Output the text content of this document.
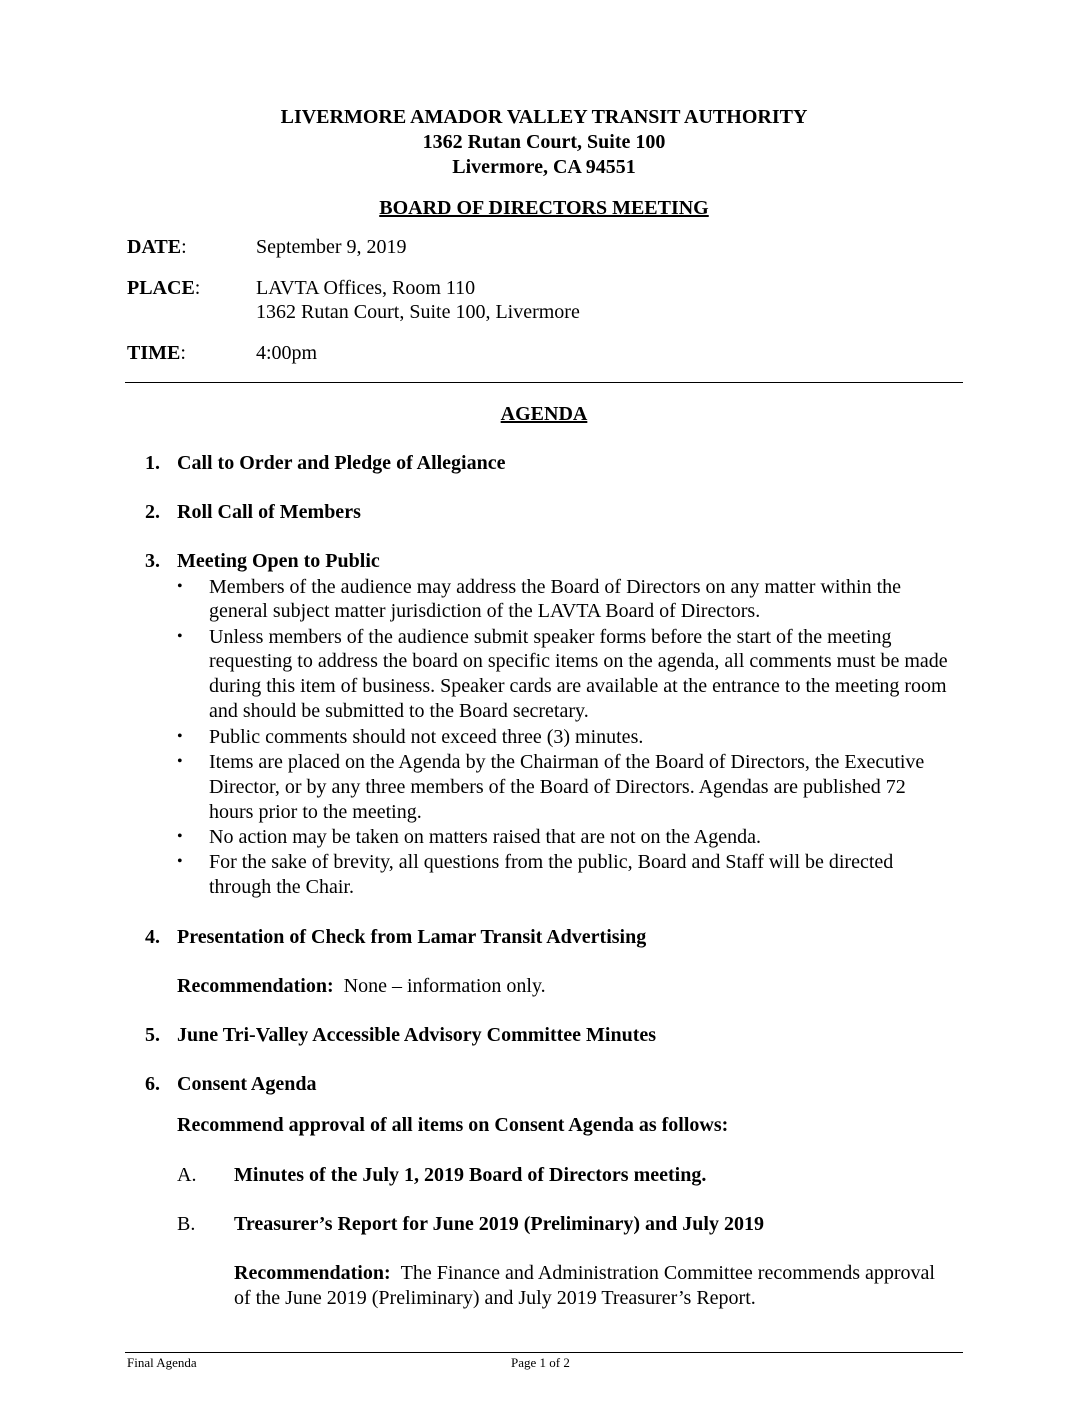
LIVERMORE AMADOR VALLEY TRANSIT AUTHORITY
1362 Rutan Court, Suite 100
Livermore, CA 94551
BOARD OF DIRECTORS MEETING
DATE:	September 9, 2019
PLACE:	LAVTA Offices, Room 110
1362 Rutan Court, Suite 100, Livermore
TIME:	4:00pm
AGENDA
1. Call to Order and Pledge of Allegiance
2. Roll Call of Members
3. Meeting Open to Public
• Members of the audience may address the Board of Directors on any matter within the
general subject matter jurisdiction of the LAVTA Board of Directors.
• Unless members of the audience submit speaker forms before the start of the meeting
requesting to address the board on specific items on the agenda, all comments must be made
during this item of business. Speaker cards are available at the entrance to the meeting room
and should be submitted to the Board secretary.
• Public comments should not exceed three (3) minutes.
• Items are placed on the Agenda by the Chairman of the Board of Directors, the Executive
Director, or by any three members of the Board of Directors. Agendas are published 72
hours prior to the meeting.
• No action may be taken on matters raised that are not on the Agenda.
• For the sake of brevity, all questions from the public, Board and Staff will be directed
through the Chair.
4. Presentation of Check from Lamar Transit Advertising
Recommendation: None – information only.
5. June Tri-Valley Accessible Advisory Committee Minutes
6. Consent Agenda
Recommend approval of all items on Consent Agenda as follows:
A. Minutes of the July 1, 2019 Board of Directors meeting.
B. Treasurer’s Report for June 2019 (Preliminary) and July 2019
Recommendation: The Finance and Administration Committee recommends approval
of the June 2019 (Preliminary) and July 2019 Treasurer’s Report.
Final Agenda	Page 1 of 2
